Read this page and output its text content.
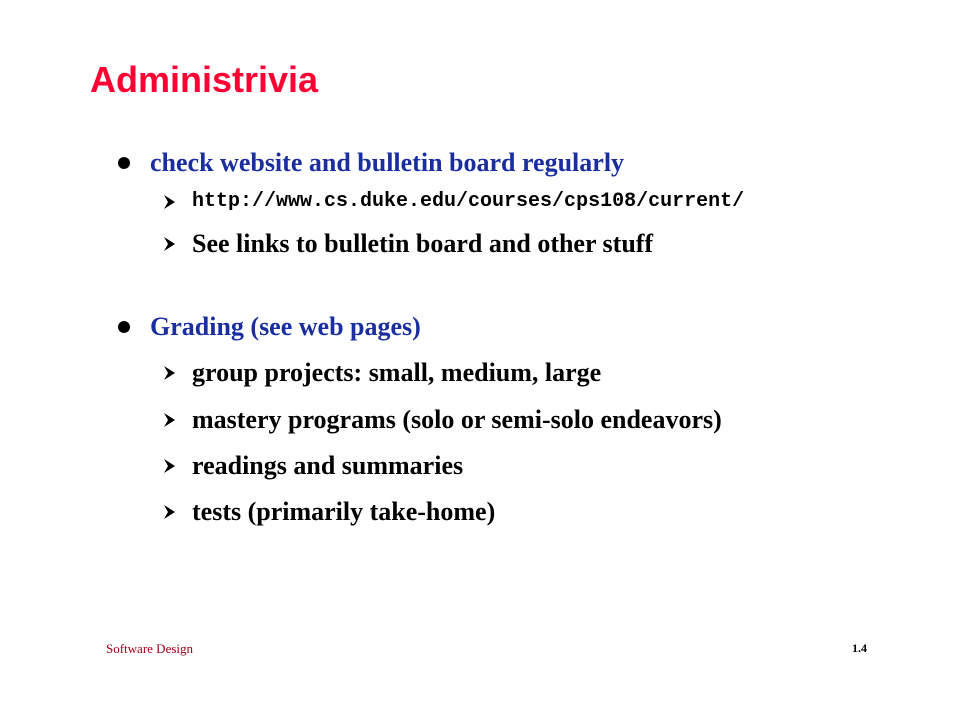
Administrivia
check website and bulletin board regularly
http://www.cs.duke.edu/courses/cps108/current/
See links to bulletin board and other stuff
Grading (see web pages)
group projects: small, medium, large
mastery programs (solo or semi-solo endeavors)
readings and summaries
tests (primarily take-home)
Software Design	1.4
